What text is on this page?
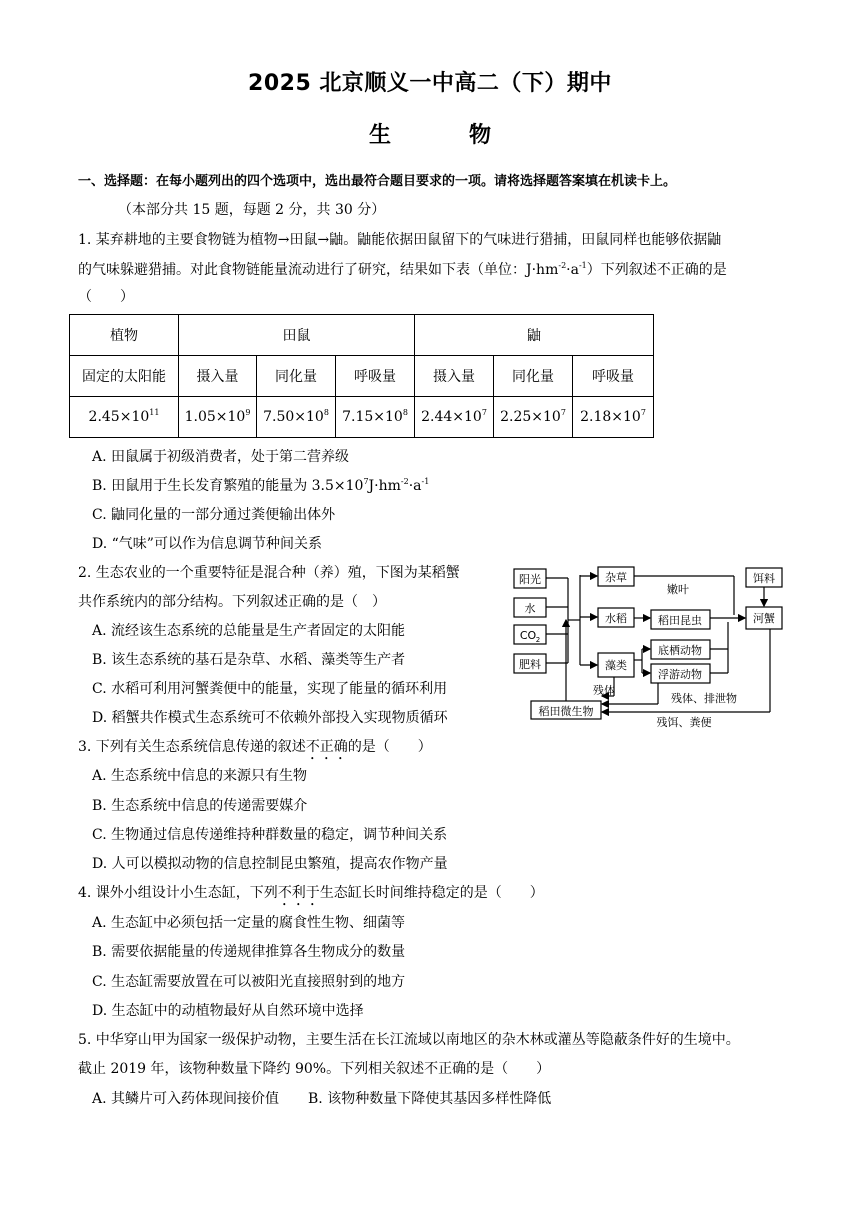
2025 北京顺义一中高二（下）期中
生　物
一、选择题：在每小题列出的四个选项中，选出最符合题目要求的一项。请将选择题答案填在机读卡上。
（本部分共 15 题，每题 2 分，共 30 分）
1. 某弃耕地的主要食物链为植物→田鼠→鼬。鼬能依据田鼠留下的气味进行猎捕，田鼠同样也能够依据鼬
的气味躲避猎捕。对此食物链能量流动进行了研究，结果如下表（单位：$J\cdot hm^{-2}\cdot a^{-1}$）下列叙述不正确的是
（　　）
植物	田鼠			鼬		
固定的太阳能	摄入量	同化量	呼吸量	摄入量	同化量	呼吸量
$2.45\times 10^{11}$	$1.05\times 10^9$	$7.50\times 10^8$	$7.15\times 10^8$	$2.44\times 10^7$	$2.25\times 10^7$	$2.18\times 10^7$
A. 田鼠属于初级消费者，处于第二营养级
B. 田鼠用于生长发育繁殖的能量为 $3.5\times 10^7J\cdot hm^{-2}\cdot a^{-1}$
C. 鼬同化量的一部分通过粪便输出体外
D. “气味”可以作为信息调节种间关系
2. 生态农业的一个重要特征是混合种（养）殖，下图为某稻蟹
共作系统内的部分结构。下列叙述正确的是（　）
A. 流经该生态系统的总能量是生产者固定的太阳能
B. 该生态系统的基石是杂草、水稻、藻类等生产者
C. 水稻可利用河蟹粪便中的能量，实现了能量的循环利用
D. 稻蟹共作模式生态系统可不依赖外部投入实现物质循环
阳光
水
CO 2
肥料
杂草
水稻
藻类
稻田昆虫
底栖动物
浮游动物
饵料
河蟹
稻田微生物
嫩叶
残体
残体、排泄物
残饵、粪便
3. 下列有关生态系统信息传递的叙述不正确的是（　　）
A. 生态系统中信息的来源只有生物
B. 生态系统中信息的传递需要媒介
C. 生物通过信息传递维持种群数量的稳定，调节种间关系
D. 人可以模拟动物的信息控制昆虫繁殖，提高农作物产量
4. 课外小组设计小生态缸，下列不利于生态缸长时间维持稳定的是（　　）
A. 生态缸中必须包括一定量的腐食性生物、细菌等
B. 需要依据能量的传递规律推算各生物成分的数量
C. 生态缸需要放置在可以被阳光直接照射到的地方
D. 生态缸中的动植物最好从自然环境中选择
5. 中华穿山甲为国家一级保护动物，主要生活在长江流域以南地区的杂木林或灌丛等隐蔽条件好的生境中。
截止 2019 年，该物种数量下降约 90%。下列相关叙述不正确的是（　　）
A. 其鳞片可入药体现间接价值 B. 该物种数量下降使其基因多样性降低
